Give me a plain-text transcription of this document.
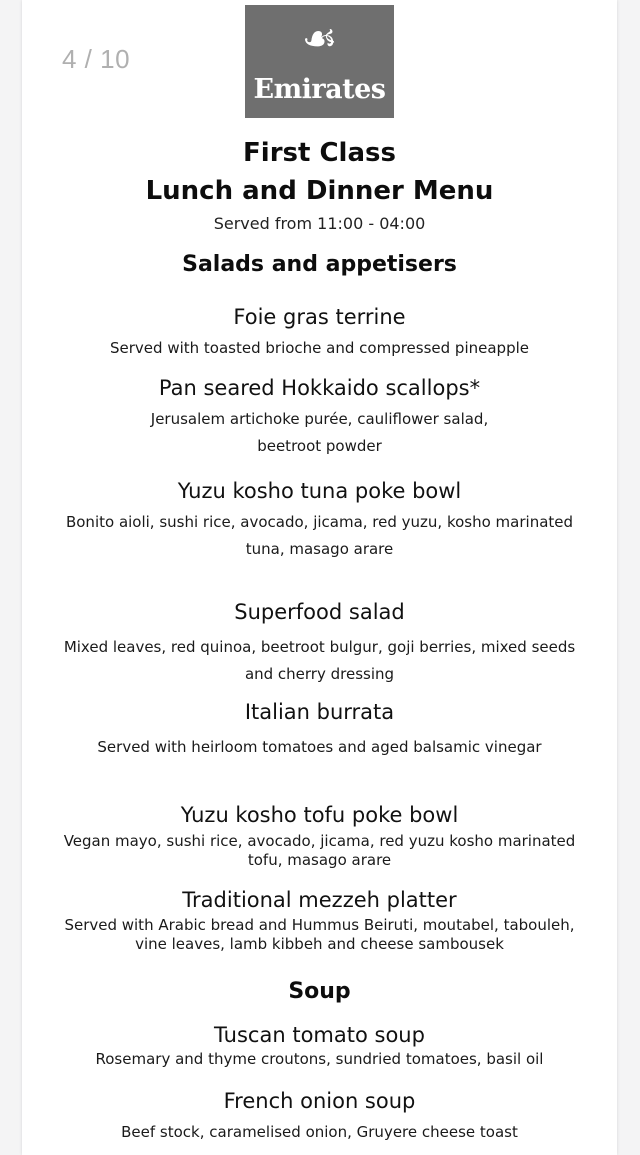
4 / 10	☙
Emirates
First Class
Lunch and Dinner Menu
Served from 11:00 - 04:00
Salads and appetisers
Foie gras terrine
Served with toasted brioche and compressed pineapple
Pan seared Hokkaido scallops*
Jerusalem artichoke purée, cauliflower salad,
beetroot powder
Yuzu kosho tuna poke bowl
Bonito aioli, sushi rice, avocado, jicama, red yuzu, kosho marinated
tuna, masago arare
Superfood salad
Mixed leaves, red quinoa, beetroot bulgur, goji berries, mixed seeds
and cherry dressing
Italian burrata
Served with heirloom tomatoes and aged balsamic vinegar
Yuzu kosho tofu poke bowl
Vegan mayo, sushi rice, avocado, jicama, red yuzu kosho marinated
tofu, masago arare
Traditional mezzeh platter
Served with Arabic bread and Hummus Beiruti, moutabel, tabouleh,
vine leaves, lamb kibbeh and cheese sambousek
Soup
Tuscan tomato soup
Rosemary and thyme croutons, sundried tomatoes, basil oil
French onion soup
Beef stock, caramelised onion, Gruyere cheese toast
